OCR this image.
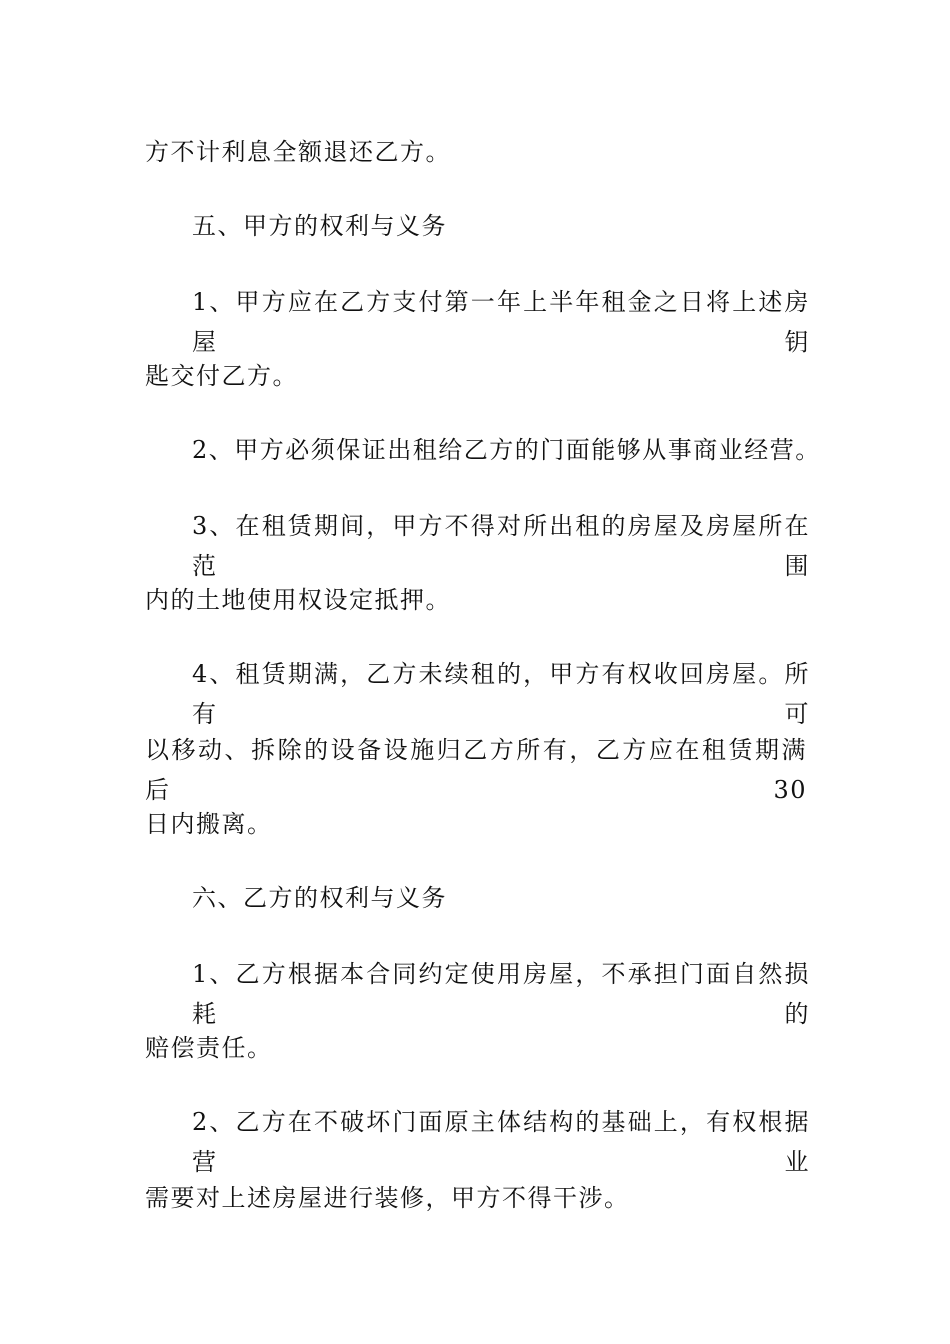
方不计利息全额退还乙方。
五、甲方的权利与义务
1、甲方应在乙方支付第一年上半年租金之日将上述房屋钥
匙交付乙方。
2、甲方必须保证出租给乙方的门面能够从事商业经营。
3、在租赁期间，甲方不得对所出租的房屋及房屋所在范围
内的土地使用权设定抵押。
4、租赁期满，乙方未续租的，甲方有权收回房屋。所有可
以移动、拆除的设备设施归乙方所有，乙方应在租赁期满后 30
日内搬离。
六、乙方的权利与义务
1、乙方根据本合同约定使用房屋，不承担门面自然损耗的
赔偿责任。
2、乙方在不破坏门面原主体结构的基础上，有权根据营业
需要对上述房屋进行装修，甲方不得干涉。
